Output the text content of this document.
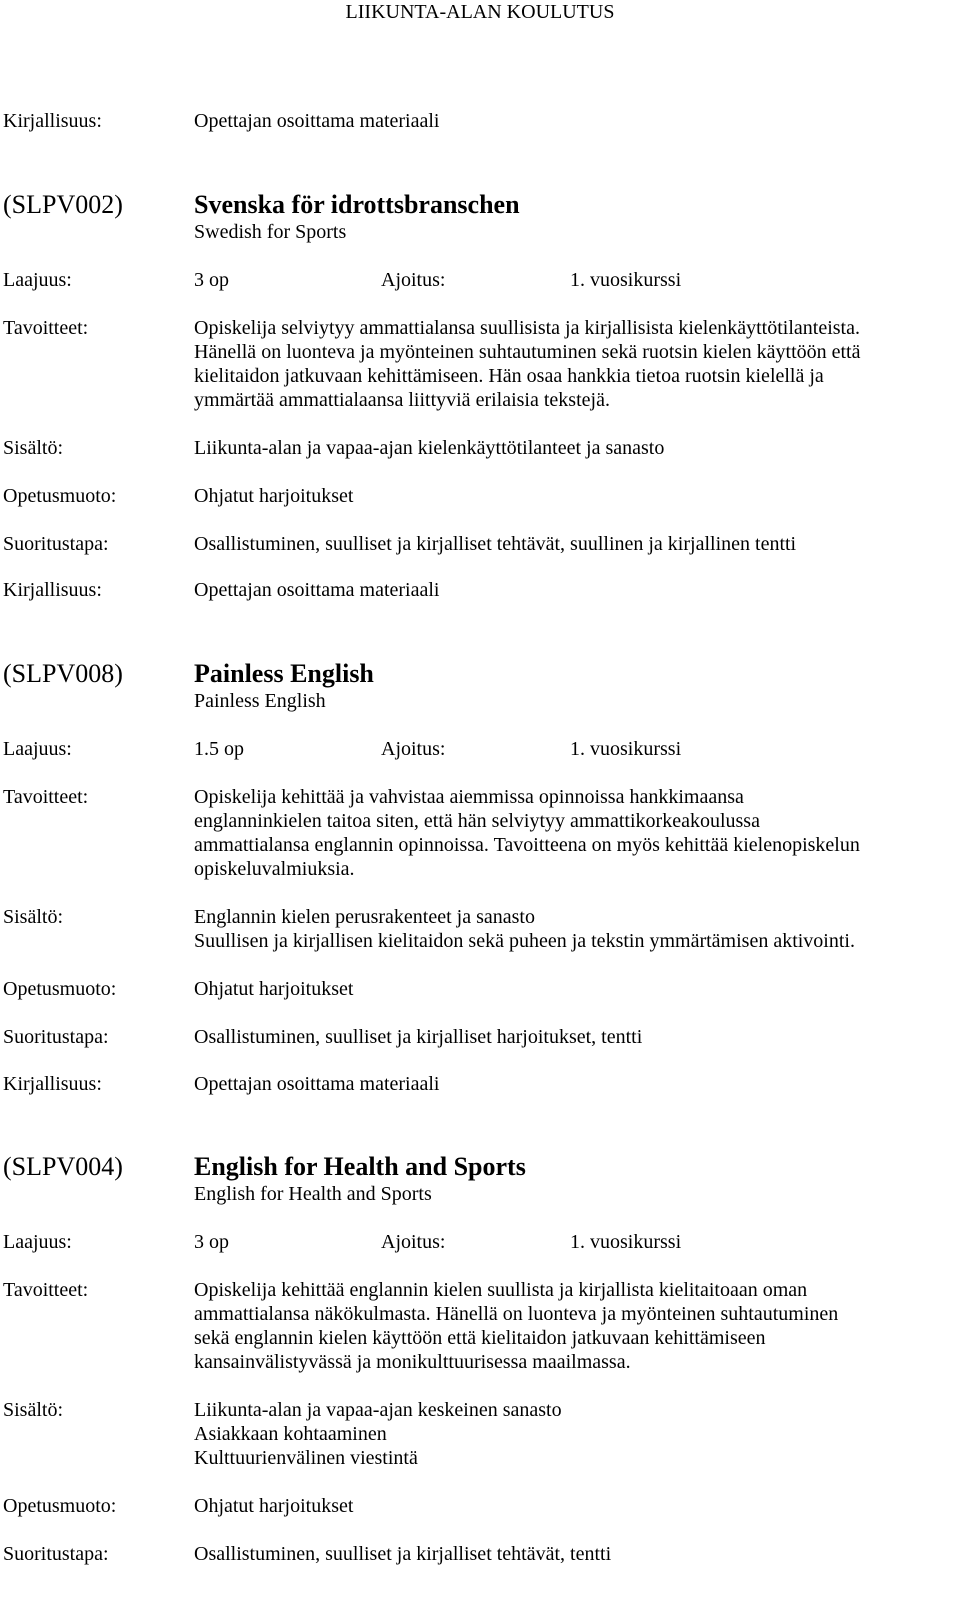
LIIKUNTA-ALAN KOULUTUS
Kirjallisuus:	Opettajan osoittama materiaali
(SLPV002)	Svenska för idrottsbranschen
Swedish for Sports
Laajuus:	3 op	Ajoitus:	1. vuosikurssi
Tavoitteet:	Opiskelija selviytyy ammattialansa suullisista ja kirjallisista kielenkäyttötilanteista.
Hänellä on luonteva ja myönteinen suhtautuminen sekä ruotsin kielen käyttöön että
kielitaidon jatkuvaan kehittämiseen. Hän osaa hankkia tietoa ruotsin kielellä ja
ymmärtää ammattialaansa liittyviä erilaisia tekstejä.
Sisältö:	Liikunta-alan ja vapaa-ajan kielenkäyttötilanteet ja sanasto
Opetusmuoto:	Ohjatut harjoitukset
Suoritustapa:	Osallistuminen, suulliset ja kirjalliset tehtävät, suullinen ja kirjallinen tentti
Kirjallisuus:	Opettajan osoittama materiaali
(SLPV008)	Painless English
Painless English
Laajuus:	1.5 op	Ajoitus:	1. vuosikurssi
Tavoitteet:	Opiskelija kehittää ja vahvistaa aiemmissa opinnoissa hankkimaansa
englanninkielen taitoa siten, että hän selviytyy ammattikorkeakoulussa
ammattialansa englannin opinnoissa. Tavoitteena on myös kehittää kielenopiskelun
opiskeluvalmiuksia.
Sisältö:	Englannin kielen perusrakenteet ja sanasto
Suullisen ja kirjallisen kielitaidon sekä puheen ja tekstin ymmärtämisen aktivointi.
Opetusmuoto:	Ohjatut harjoitukset
Suoritustapa:	Osallistuminen, suulliset ja kirjalliset harjoitukset, tentti
Kirjallisuus:	Opettajan osoittama materiaali
(SLPV004)	English for Health and Sports
English for Health and Sports
Laajuus:	3 op	Ajoitus:	1. vuosikurssi
Tavoitteet:	Opiskelija kehittää englannin kielen suullista ja kirjallista kielitaitoaan oman
ammattialansa näkökulmasta. Hänellä on luonteva ja myönteinen suhtautuminen
sekä englannin kielen käyttöön että kielitaidon jatkuvaan kehittämiseen
kansainvälistyvässä ja monikulttuurisessa maailmassa.
Sisältö:	Liikunta-alan ja vapaa-ajan keskeinen sanasto
Asiakkaan kohtaaminen
Kulttuurienvälinen viestintä
Opetusmuoto:	Ohjatut harjoitukset
Suoritustapa:	Osallistuminen, suulliset ja kirjalliset tehtävät, tentti
